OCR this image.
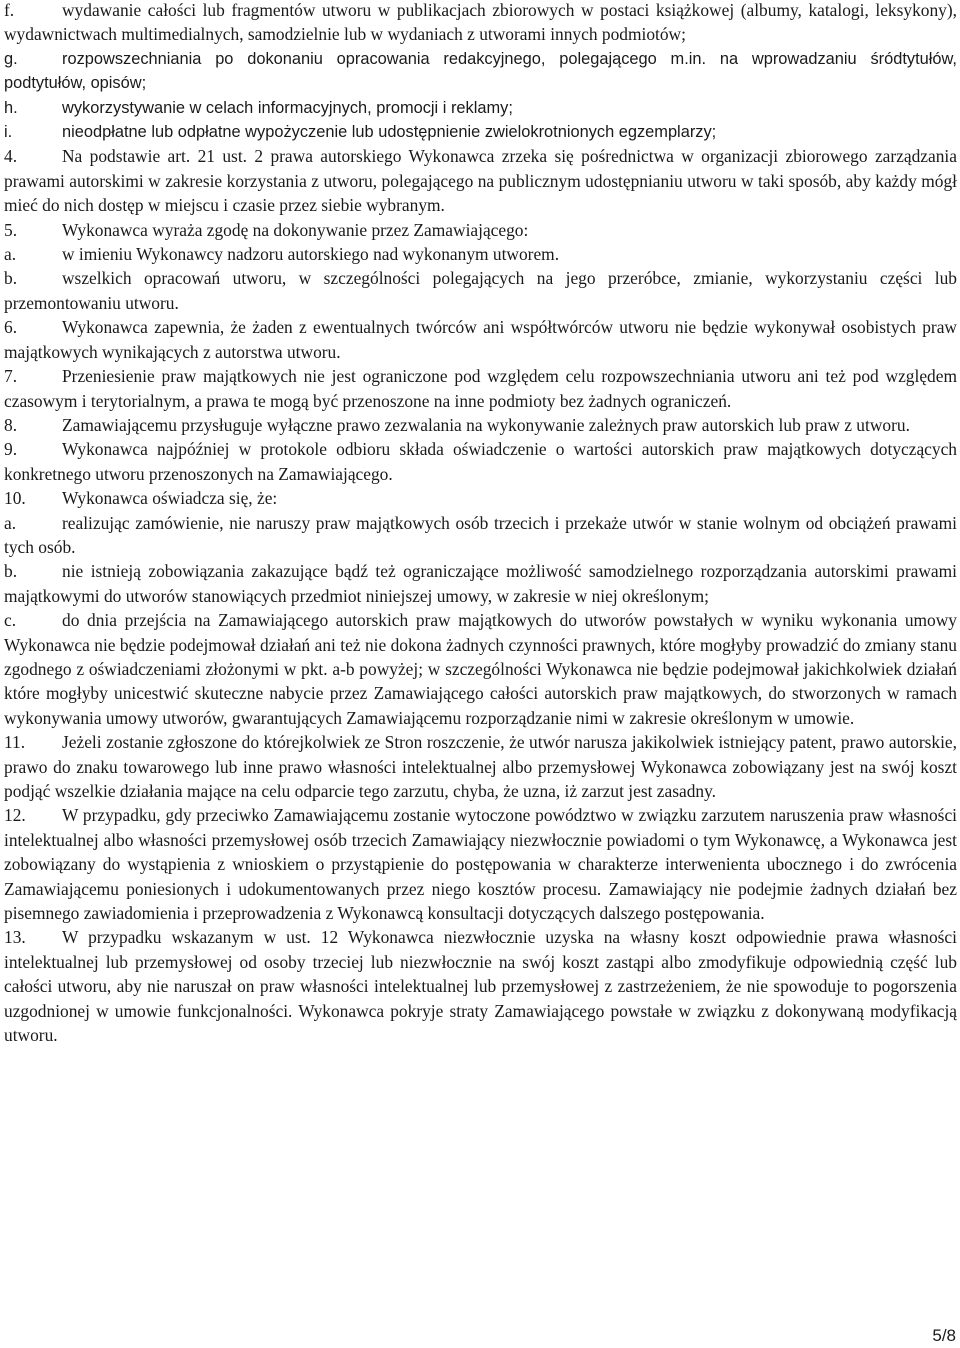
f.	wydawanie całości lub fragmentów utworu w publikacjach zbiorowych w postaci książkowej (albumy, katalogi, leksykony), wydawnictwach multimedialnych, samodzielnie lub w wydaniach z utworami innych podmiotów;

g.	rozpowszechniania po dokonaniu opracowania redakcyjnego, polegającego m.in. na wprowadzaniu śródtytułów, podtytułów, opisów;

h.	wykorzystywanie w celach informacyjnych, promocji i reklamy;

i.	nieodpłatne lub odpłatne wypożyczenie lub udostępnienie zwielokrotnionych egzemplarzy;

4.	Na podstawie art. 21 ust. 2 prawa autorskiego Wykonawca zrzeka się pośrednictwa w organizacji zbiorowego zarządzania prawami autorskimi w zakresie korzystania z utworu, polegającego na publicznym udostępnianiu utworu w taki sposób, aby każdy mógł mieć do nich dostęp w miejscu i czasie przez siebie wybranym.

5.	Wykonawca wyraża zgodę na dokonywanie przez Zamawiającego:

a.	w imieniu Wykonawcy nadzoru autorskiego nad wykonanym utworem.

b.	wszelkich opracowań utworu, w szczególności polegających na jego przeróbce, zmianie, wykorzystaniu części lub przemontowaniu utworu.

6.	Wykonawca zapewnia, że żaden z ewentualnych twórców ani współtwórców utworu nie będzie wykonywał osobistych praw majątkowych wynikających z autorstwa utworu.

7.	Przeniesienie praw majątkowych nie jest ograniczone pod względem celu rozpowszechniania utworu ani też pod względem czasowym i terytorialnym, a prawa te mogą być przenoszone na inne podmioty bez żadnych ograniczeń.

8.	Zamawiającemu przysługuje wyłączne prawo zezwalania na wykonywanie zależnych praw autorskich lub praw z utworu.

9.	Wykonawca najpóźniej w protokole odbioru składa oświadczenie o wartości autorskich praw majątkowych dotyczących konkretnego utworu przenoszonych na Zamawiającego.

10. Wykonawca oświadcza się, że:

a.	realizując zamówienie, nie naruszy praw majątkowych osób trzecich i przekaże utwór w stanie wolnym od obciążeń prawami tych osób.

b.	nie istnieją zobowiązania zakazujące bądź też ograniczające możliwość samodzielnego rozporządzania autorskimi prawami majątkowymi do utworów stanowiących przedmiot niniejszej umowy, w zakresie w niej określonym;

c.	do dnia przejścia na Zamawiającego autorskich praw majątkowych do utworów powstałych w wyniku wykonania umowy Wykonawca nie będzie podejmował działań ani też nie dokona żadnych czynności prawnych, które mogłyby prowadzić do zmiany stanu zgodnego z oświadczeniami złożonymi w pkt. a-b powyżej; w szczególności Wykonawca nie będzie podejmował jakichkolwiek działań które mogłyby unicestwić skuteczne nabycie przez Zamawiającego całości autorskich praw majątkowych, do stworzonych w ramach wykonywania umowy utworów, gwarantujących Zamawiającemu rozporządzanie nimi w zakresie określonym w umowie.

11. Jeżeli zostanie zgłoszone do którejkolwiek ze Stron roszczenie, że utwór narusza jakikolwiek istniejący patent, prawo autorskie, prawo do znaku towarowego lub inne prawo własności intelektualnej albo przemysłowej Wykonawca zobowiązany jest na swój koszt podjąć wszelkie działania mające na celu odparcie tego zarzutu, chyba, że uzna, iż zarzut jest zasadny.

12. W przypadku, gdy przeciwko Zamawiającemu zostanie wytoczone powództwo w związku zarzutem naruszenia praw własności intelektualnej albo własności przemysłowej osób trzecich Zamawiający niezwłocznie powiadomi o tym Wykonawcę, a Wykonawca jest zobowiązany do wystąpienia z wnioskiem o przystąpienie do postępowania w charakterze interwenienta ubocznego i do zwrócenia Zamawiającemu poniesionych i udokumentowanych przez niego kosztów procesu. Zamawiający nie podejmie żadnych działań bez pisemnego zawiadomienia i przeprowadzenia z Wykonawcą konsultacji dotyczących dalszego postępowania.

13. W przypadku wskazanym w ust. 12 Wykonawca niezwłocznie uzyska na własny koszt odpowiednie prawa własności intelektualnej lub przemysłowej od osoby trzeciej lub niezwłocznie na swój koszt zastąpi albo zmodyfikuje odpowiednią część lub całości utworu, aby nie naruszał on praw własności intelektualnej lub przemysłowej z zastrzeżeniem, że nie spowoduje to pogorszenia uzgodnionej w umowie funkcjonalności. Wykonawca pokryje straty Zamawiającego powstałe w związku z dokonywaną modyfikacją utworu.

5/8
